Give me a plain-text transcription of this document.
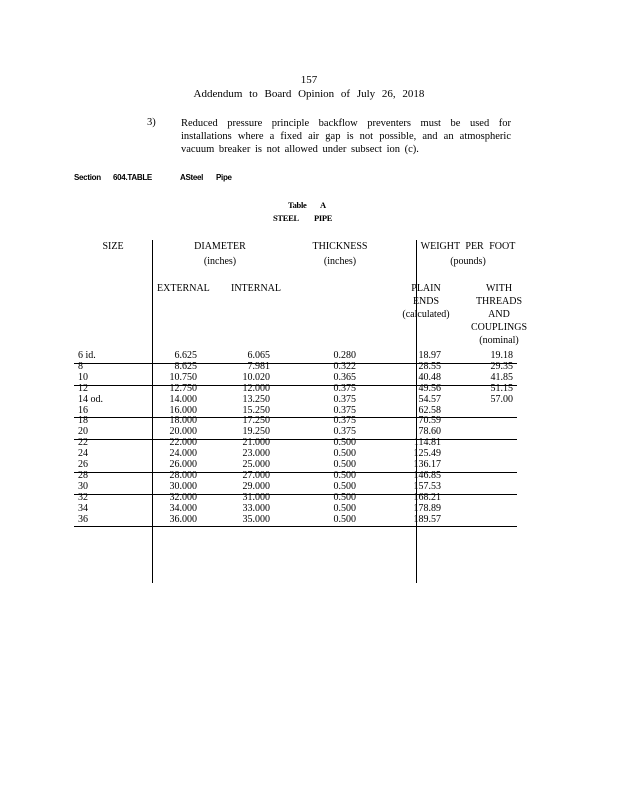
157
Addendum to Board Opinion of July 26, 2018
3) Reduced pressure principle backflow preventers must be used for installations where a fixed air gap is not possible, and an atmospheric vacuum breaker is not allowed under subsect ion (c).
Section 604.TABLE	ASteel Pipe
Table A
STEEL PIPE
SIZE	DIAMETER
(inches)
THICKNESS
(inches)
WEIGHT PER FOOT
(pounds)
EXTERNAL INTERNAL	PLAIN
ENDS
(calculated)
WITH
THREADS
AND
COUPLINGS
(nominal)
6 id.	6.625	6.065	0.280	18.97	19.18
8	8.625	7.981	0.322	28.55	29.35
10	10.750	10.020	0.365	40.48	41.85
12	12.750	12.000	0.375	49.56	51.15
14 od.	14.000	13.250	0.375	54.57	57.00
16	16.000	15.250	0.375	62.58
18	18.000	17.250	0.375	70.59
20	20.000	19.250	0.375	78.60
22	22.000	21.000	0.500	114.81
24	24.000	23.000	0.500	125.49
26	26.000	25.000	0.500	136.17
28	28.000	27.000	0.500	146.85
30	30.000	29.000	0.500	157.53
32	32.000	31.000	0.500	168.21
34	34.000	33.000	0.500	178.89
36	36.000	35.000	0.500	189.57
